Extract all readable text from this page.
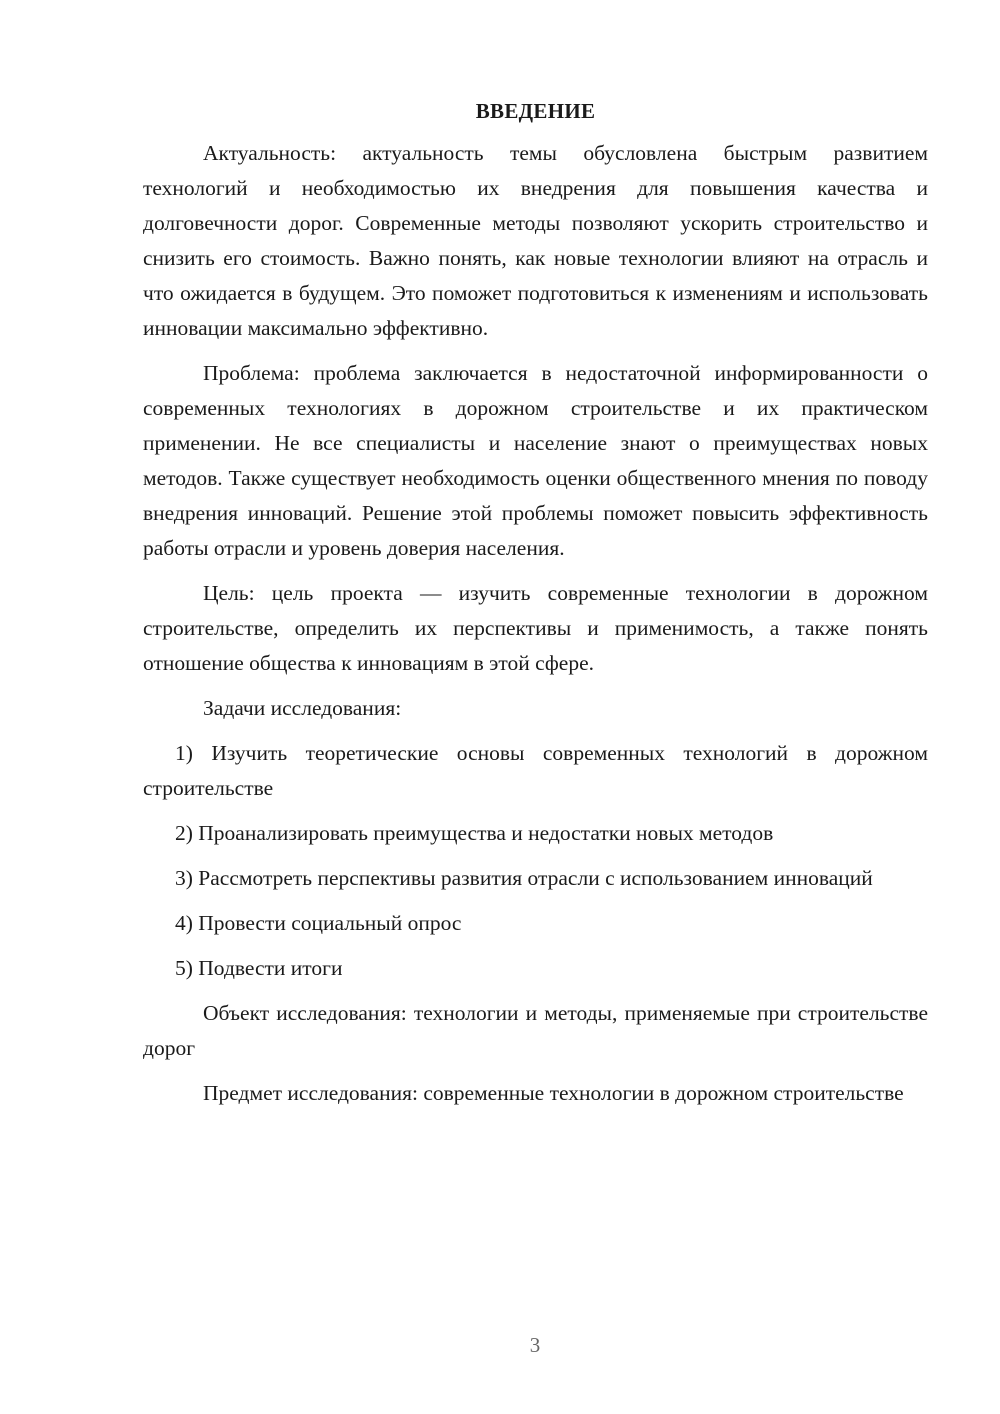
ВВЕДЕНИЕ

Актуальность: актуальность темы обусловлена быстрым развитием технологий и необходимостью их внедрения для повышения качества и долговечности дорог. Современные методы позволяют ускорить строительство и снизить его стоимость. Важно понять, как новые технологии влияют на отрасль и что ожидается в будущем. Это поможет подготовиться к изменениям и использовать инновации максимально эффективно.

Проблема: проблема заключается в недостаточной информированности о современных технологиях в дорожном строительстве и их практическом применении. Не все специалисты и население знают о преимуществах новых методов. Также существует необходимость оценки общественного мнения по поводу внедрения инноваций. Решение этой проблемы поможет повысить эффективность работы отрасли и уровень доверия населения.

Цель: цель проекта — изучить современные технологии в дорожном строительстве, определить их перспективы и применимость, а также понять отношение общества к инновациям в этой сфере.

Задачи исследования:

1) Изучить теоретические основы современных технологий в дорожном строительстве

2) Проанализировать преимущества и недостатки новых методов

3) Рассмотреть перспективы развития отрасли с использованием инноваций

4) Провести социальный опрос

5) Подвести итоги

Объект исследования: технологии и методы, применяемые при строительстве дорог

Предмет исследования: современные технологии в дорожном строительстве

3
